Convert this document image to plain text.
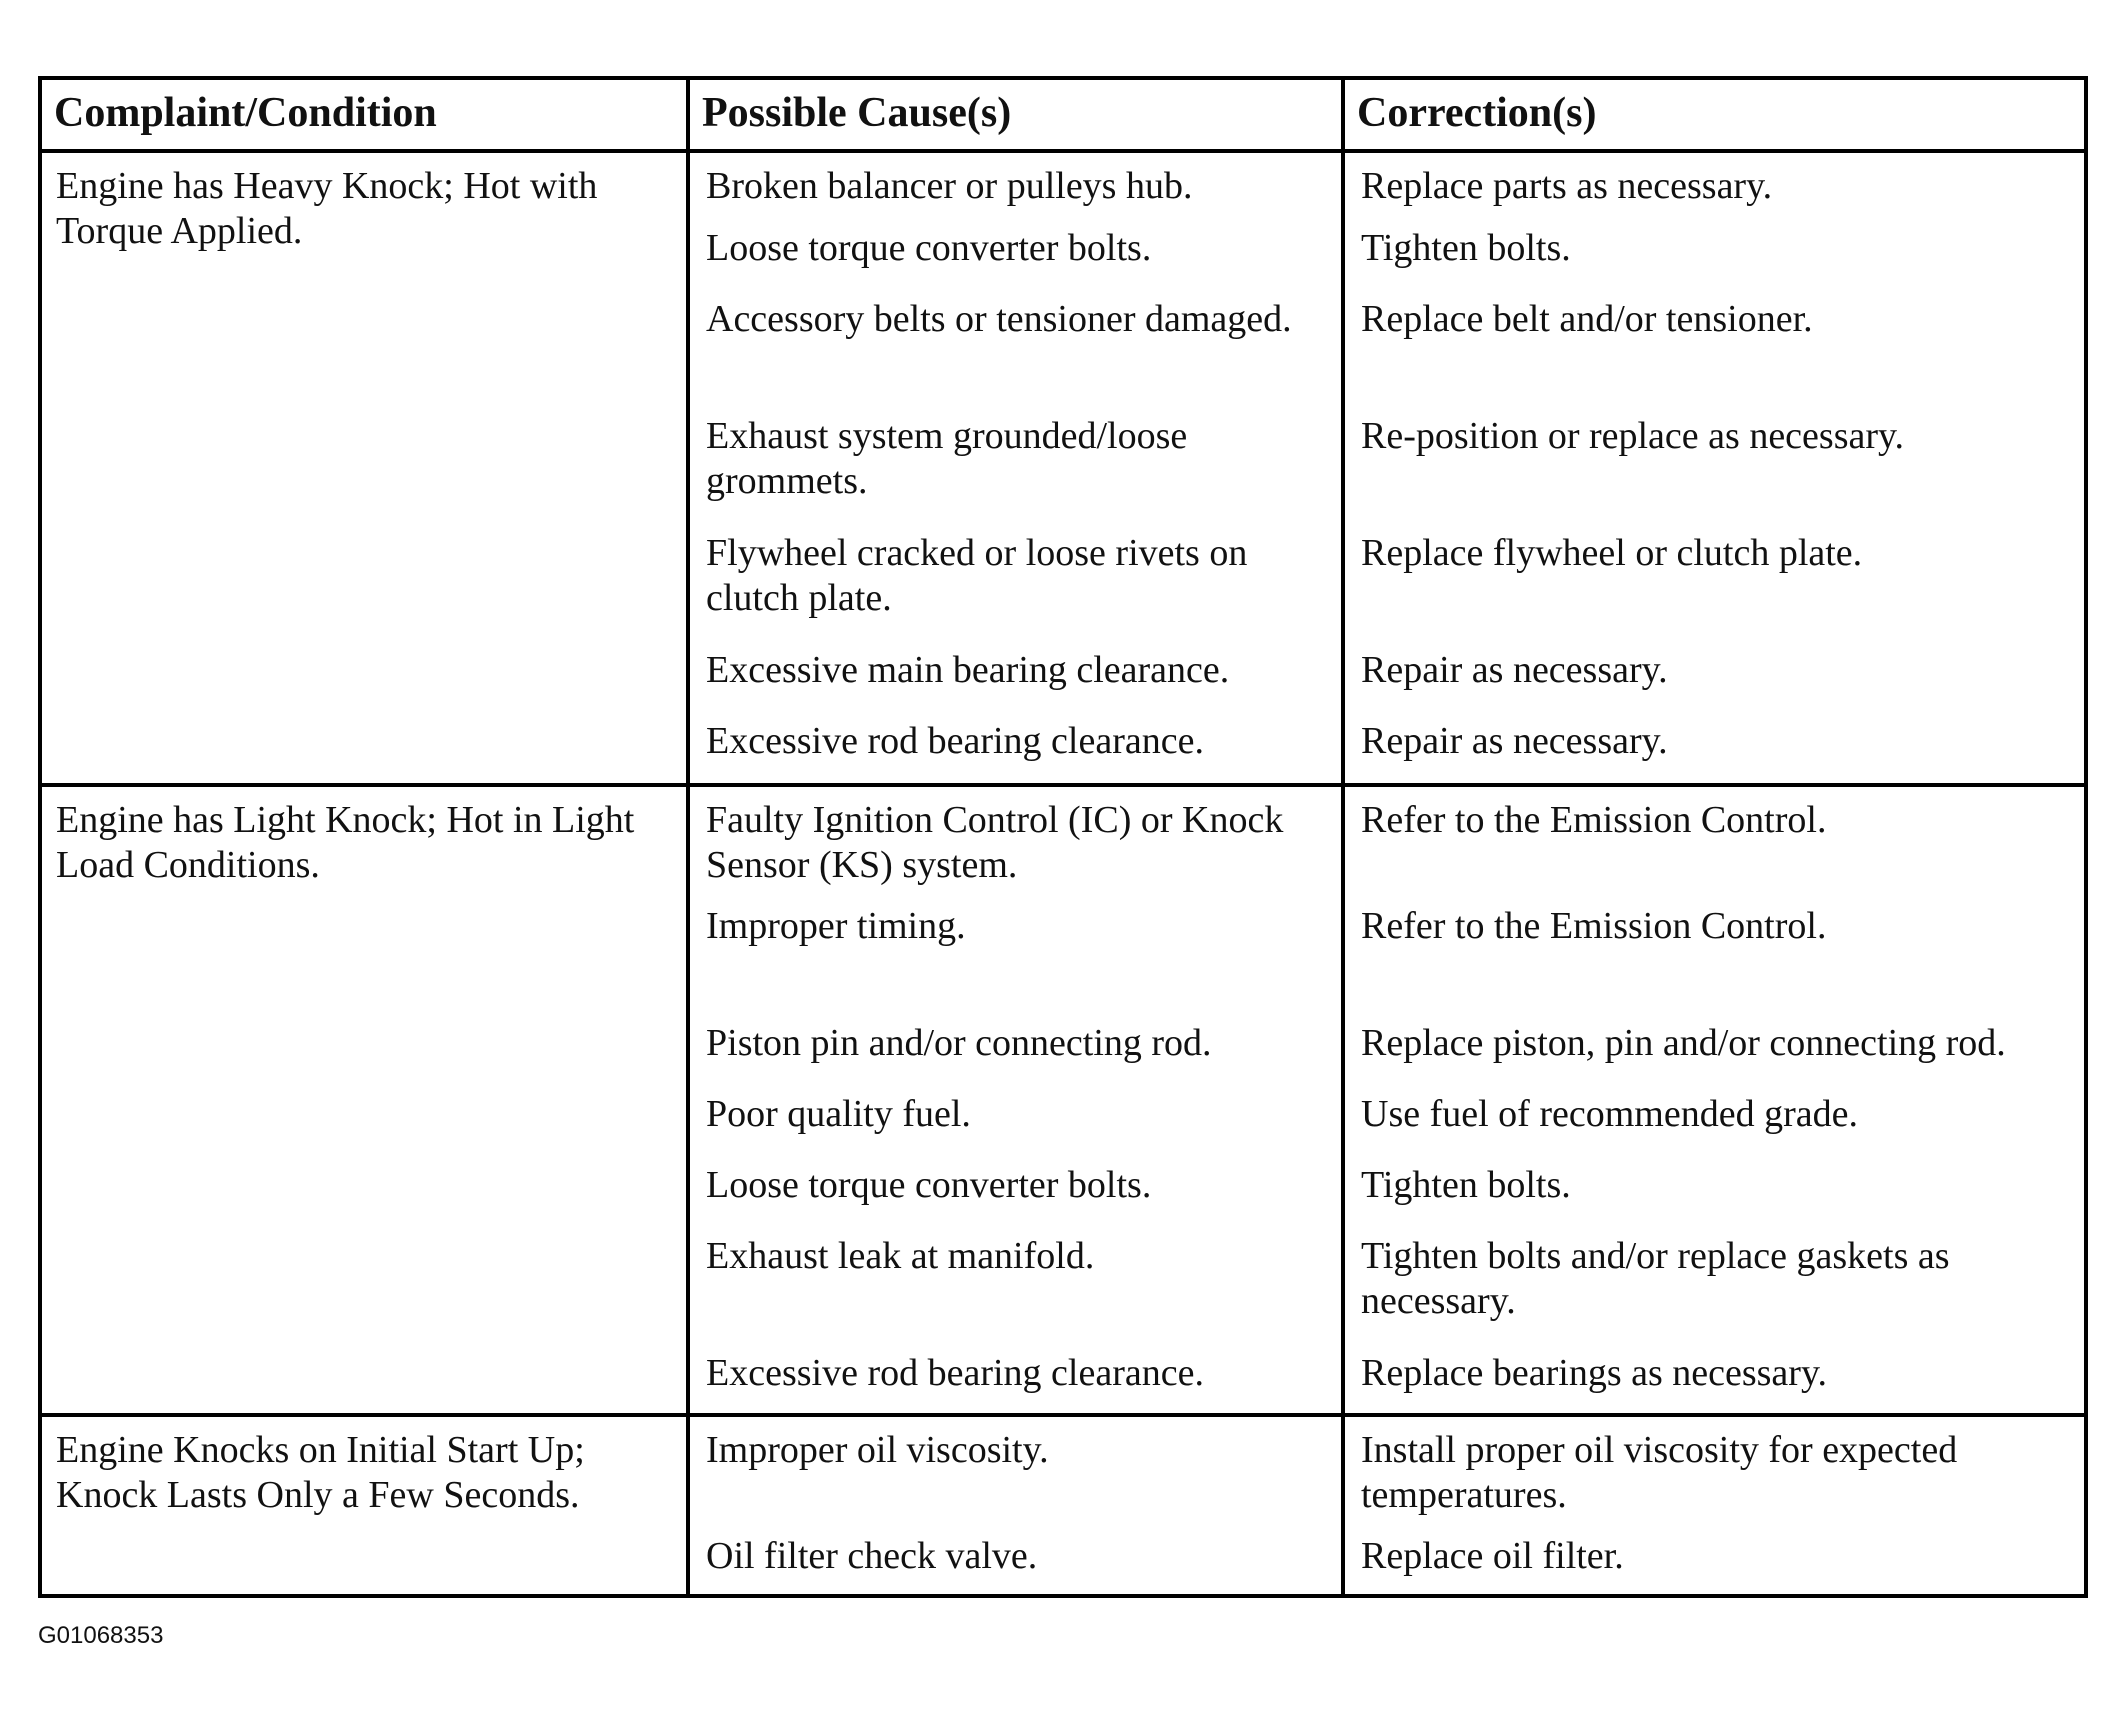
Complaint/Condition	Possible Cause(s)	Correction(s)
Engine has Heavy Knock; Hot with Torque Applied.
Broken balancer or pulleys hub.
Loose torque converter bolts.
Accessory belts or tensioner damaged.
Exhaust system grounded/loose grommets.
Flywheel cracked or loose rivets on clutch plate.
Excessive main bearing clearance.
Excessive rod bearing clearance.
Replace parts as necessary.
Tighten bolts.
Replace belt and/or tensioner.
Re-position or replace as necessary.
Replace flywheel or clutch plate.
Repair as necessary.
Repair as necessary.
Engine has Light Knock; Hot in Light Load Conditions.
Faulty Ignition Control (IC) or Knock Sensor (KS) system.
Improper timing.
Piston pin and/or connecting rod.
Poor quality fuel.
Loose torque converter bolts.
Exhaust leak at manifold.
Excessive rod bearing clearance.
Refer to the Emission Control.
Refer to the Emission Control.
Replace piston, pin and/or connecting rod.
Use fuel of recommended grade.
Tighten bolts.
Tighten bolts and/or replace gaskets as necessary.
Replace bearings as necessary.
Engine Knocks on Initial Start Up; Knock Lasts Only a Few Seconds.
Improper oil viscosity.
Oil filter check valve.
Install proper oil viscosity for expected temperatures.
Replace oil filter.
G01068353
